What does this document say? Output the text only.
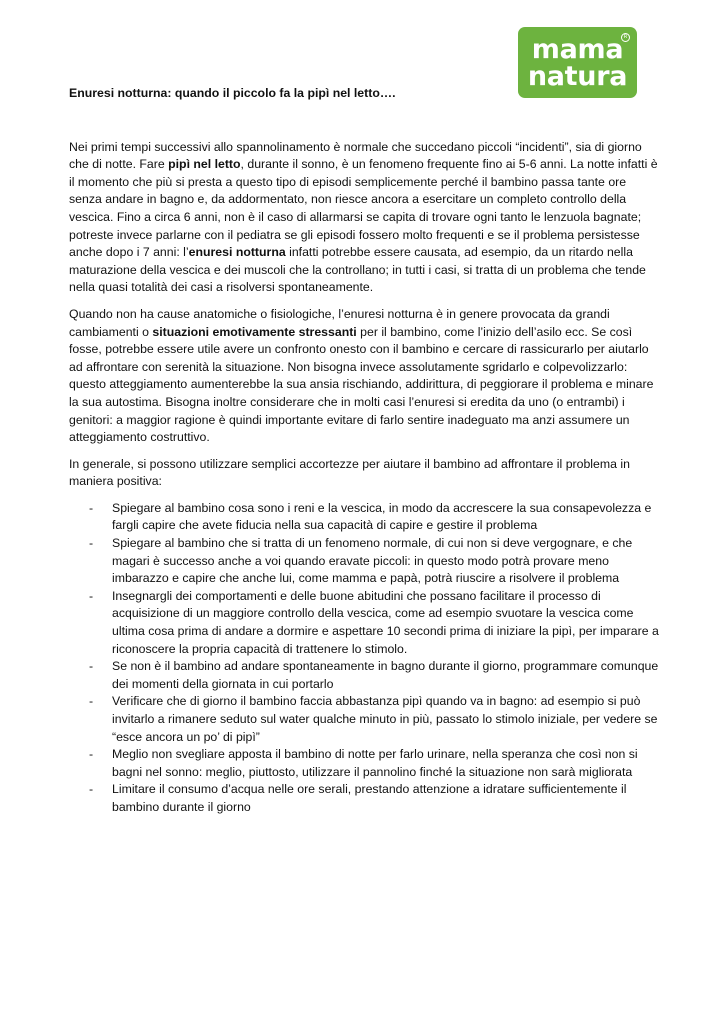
mama
natura
R
Enuresi notturna: quando il piccolo fa la pipì nel letto….

Nei primi tempi successivi allo spannolinamento è normale che succedano piccoli “incidenti”, sia di giorno che di notte. Fare pipì nel letto, durante il sonno, è un fenomeno frequente fino ai 5-6 anni. La notte infatti è il momento che più si presta a questo tipo di episodi semplicemente perché il bambino passa tante ore senza andare in bagno e, da addormentato, non riesce ancora a esercitare un completo controllo della vescica. Fino a circa 6 anni, non è il caso di allarmarsi se capita di trovare ogni tanto le lenzuola bagnate; potreste invece parlarne con il pediatra se gli episodi fossero molto frequenti e se il problema persistesse anche dopo i 7 anni: l’enuresi notturna infatti potrebbe essere causata, ad esempio, da un ritardo nella maturazione della vescica e dei muscoli che la controllano; in tutti i casi, si tratta di un problema che tende nella quasi totalità dei casi a risolversi spontaneamente.

Quando non ha cause anatomiche o fisiologiche, l’enuresi notturna è in genere provocata da grandi cambiamenti o situazioni emotivamente stressanti per il bambino, come l’inizio dell’asilo ecc. Se così fosse, potrebbe essere utile avere un confronto onesto con il bambino e cercare di rassicurarlo per aiutarlo ad affrontare con serenità la situazione. Non bisogna invece assolutamente sgridarlo e colpevolizzarlo: questo atteggiamento aumenterebbe la sua ansia rischiando, addirittura, di peggiorare il problema e minare la sua autostima. Bisogna inoltre considerare che in molti casi l’enuresi si eredita da uno (o entrambi) i genitori: a maggior ragione è quindi importante evitare di farlo sentire inadeguato ma anzi assumere un atteggiamento costruttivo.

In generale, si possono utilizzare semplici accortezze per aiutare il bambino ad affrontare il problema in maniera positiva:

- Spiegare al bambino cosa sono i reni e la vescica, in modo da accrescere la sua consapevolezza e fargli capire che avete fiducia nella sua capacità di capire e gestire il problema
- Spiegare al bambino che si tratta di un fenomeno normale, di cui non si deve vergognare, e che magari è successo anche a voi quando eravate piccoli: in questo modo potrà provare meno imbarazzo e capire che anche lui, come mamma e papà, potrà riuscire a risolvere il problema
- Insegnargli dei comportamenti e delle buone abitudini che possano facilitare il processo di acquisizione di un maggiore controllo della vescica, come ad esempio svuotare la vescica come ultima cosa prima di andare a dormire e aspettare 10 secondi prima di iniziare la pipì, per imparare a riconoscere la propria capacità di trattenere lo stimolo.
- Se non è il bambino ad andare spontaneamente in bagno durante il giorno, programmare comunque dei momenti della giornata in cui portarlo
- Verificare che di giorno il bambino faccia abbastanza pipì quando va in bagno: ad esempio si può invitarlo a rimanere seduto sul water qualche minuto in più, passato lo stimolo iniziale, per vedere se “esce ancora un po’ di pipì”
- Meglio non svegliare apposta il bambino di notte per farlo urinare, nella speranza che così non si bagni nel sonno: meglio, piuttosto, utilizzare il pannolino finché la situazione non sarà migliorata
- Limitare il consumo d’acqua nelle ore serali, prestando attenzione a idratare sufficientemente il bambino durante il giorno
